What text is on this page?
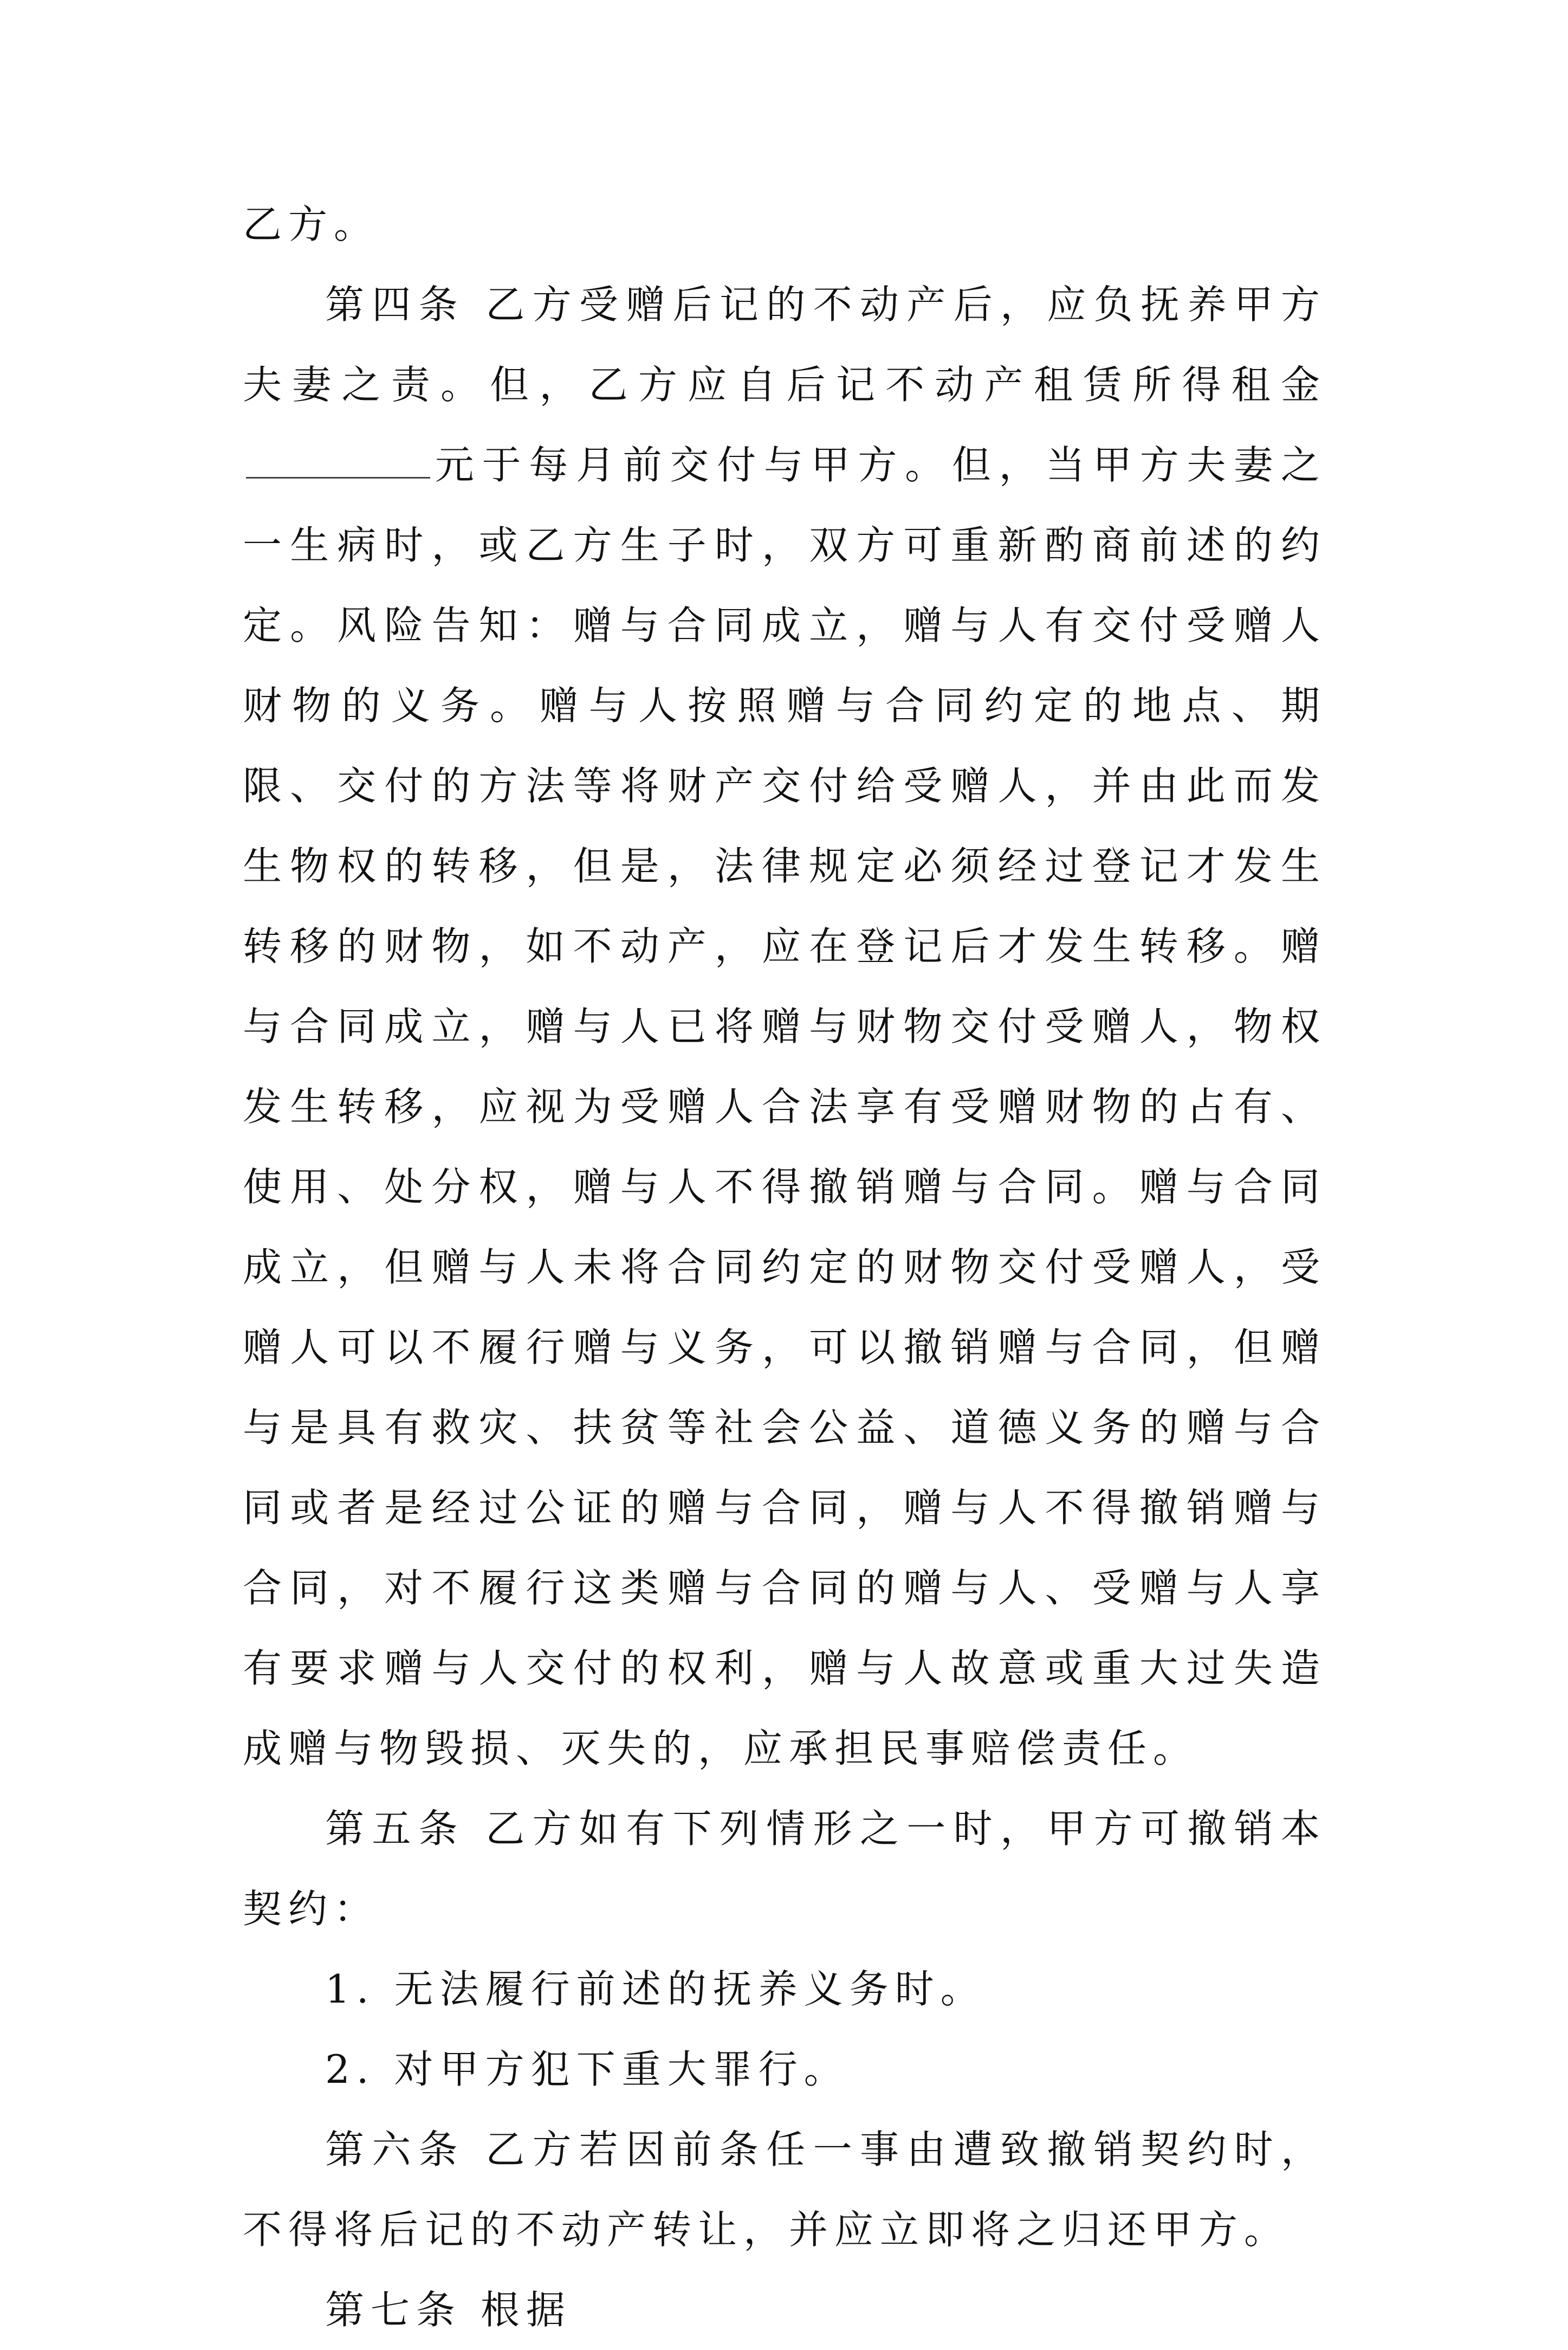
乙方。

第四条 乙方受赠后记的不动产后，应负抚养甲方夫妻之责。但，乙方应自后记不动产租赁所得租金元于每月前交付与甲方。但，当甲方夫妻之一生病时，或乙方生子时，双方可重新酌商前述的约定。风险告知：赠与合同成立，赠与人有交付受赠人财物的义务。赠与人按照赠与合同约定的地点、期限、交付的方法等将财产交付给受赠人，并由此而发生物权的转移，但是，法律规定必须经过登记才发生转移的财物，如不动产，应在登记后才发生转移。赠与合同成立，赠与人已将赠与财物交付受赠人，物权发生转移，应视为受赠人合法享有受赠财物的占有、使用、处分权，赠与人不得撤销赠与合同。赠与合同成立，但赠与人未将合同约定的财物交付受赠人，受赠人可以不履行赠与义务，可以撤销赠与合同，但赠与是具有救灾、扶贫等社会公益、道德义务的赠与合同或者是经过公证的赠与合同，赠与人不得撤销赠与合同，对不履行这类赠与合同的赠与人、受赠与人享有要求赠与人交付的权利，赠与人故意或重大过失造成赠与物毁损、灭失的，应承担民事赔偿责任。

第五条 乙方如有下列情形之一时，甲方可撤销本契约：

1. 无法履行前述的抚养义务时。

2. 对甲方犯下重大罪行。

第六条 乙方若因前条任一事由遭致撤销契约时，不得将后记的不动产转让，并应立即将之归还甲方。

第七条 根据
